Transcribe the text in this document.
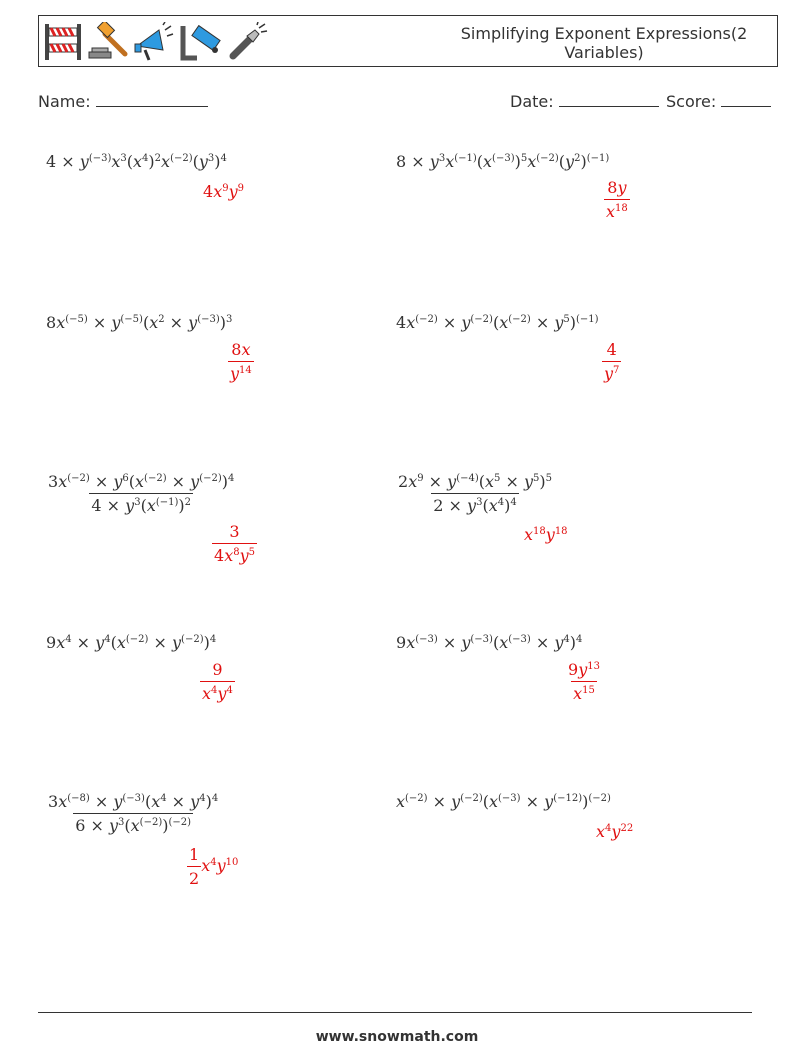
Simplifying Exponent Expressions(2 Variables)
Name:	Date:	Score:
$4 \times y^{(-3)}x^3(x^4)^2x^{(-2)}(y^3)^4$
$4x^9y^9$
$8 \times y^3x^{(-1)}(x^{(-3)})^5x^{(-2)}(y^2)^{(-1)}$
$\frac{8y}{x^{18}}$
$8x^{(-5)} \times y^{(-5)}(x^2 \times y^{(-3)})^3$
$\frac{8x}{y^{14}}$
$4x^{(-2)} \times y^{(-2)}(x^{(-2)} \times y^5)^{(-1)}$
$\frac{4}{y^7}$
$\frac{3x^{(-2)} \times y^6(x^{(-2)} \times y^{(-2)})^4}{4 \times y^3(x^{(-1)})^2}$
$\frac{3}{4x^8y^5}$
$\frac{2x^9 \times y^{(-4)}(x^5 \times y^5)^5}{2 \times y^3(x^4)^4}$
$x^{18}y^{18}$
$9x^4 \times y^4(x^{(-2)} \times y^{(-2)})^4$
$\frac{9}{x^4y^4}$
$9x^{(-3)} \times y^{(-3)}(x^{(-3)} \times y^4)^4$
$\frac{9y^{13}}{x^{15}}$
$\frac{3x^{(-8)} \times y^{(-3)}(x^4 \times y^4)^4}{6 \times y^3(x^{(-2)})^{(-2)}}$
$\frac{1}{2} x^4y^{10}$
$x^{(-2)} \times y^{(-2)}(x^{(-3)} \times y^{(-12)})^{(-2)}$
$x^4y^{22}$
www.snowmath.com
